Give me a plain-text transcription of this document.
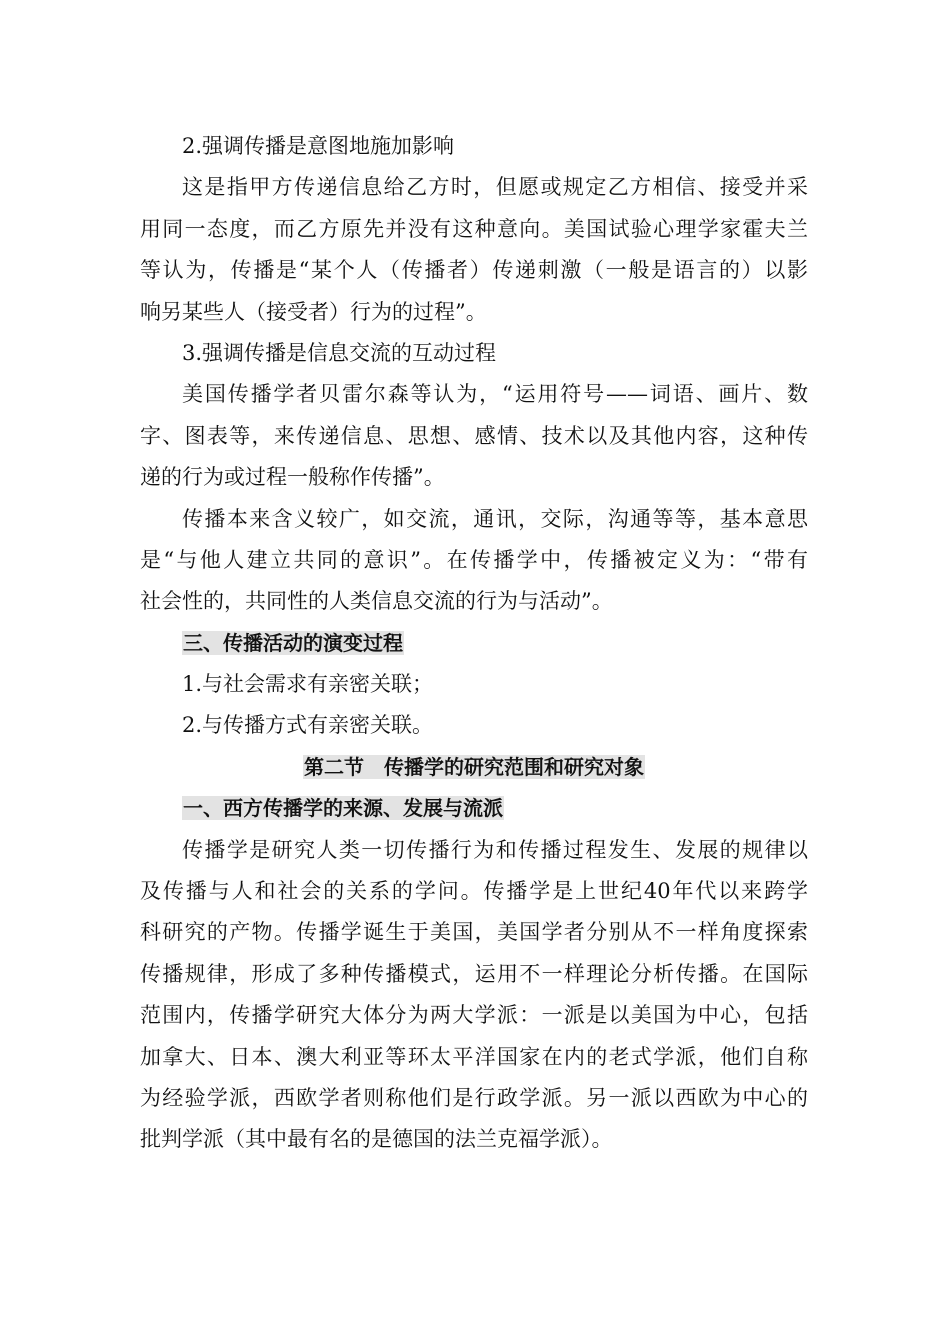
2.强调传播是意图地施加影响
这是指甲方传递信息给乙方时，但愿或规定乙方相信、接受并采
用同一态度，而乙方原先并没有这种意向。美国试验心理学家霍夫兰
等认为，传播是“某个人（传播者）传递刺激（一般是语言的）以影
响另某些人（接受者）行为的过程”。
3.强调传播是信息交流的互动过程
美国传播学者贝雷尔森等认为，“运用符号——词语、画片、数
字、图表等，来传递信息、思想、感情、技术以及其他内容，这种传
递的行为或过程一般称作传播”。
传播本来含义较广，如交流，通讯，交际，沟通等等，基本意思
是“与他人建立共同的意识”。在传播学中，传播被定义为：“带有
社会性的，共同性的人类信息交流的行为与活动”。
三、传播活动的演变过程
1.与社会需求有亲密关联；
2.与传播方式有亲密关联。
第二节　传播学的研究范围和研究对象
一、西方传播学的来源、发展与流派
传播学是研究人类一切传播行为和传播过程发生、发展的规律以
及传播与人和社会的关系的学问。传播学是上世纪40年代以来跨学
科研究的产物。传播学诞生于美国，美国学者分别从不一样角度探索
传播规律，形成了多种传播模式，运用不一样理论分析传播。在国际
范围内，传播学研究大体分为两大学派：一派是以美国为中心，包括
加拿大、日本、澳大利亚等环太平洋国家在内的老式学派，他们自称
为经验学派，西欧学者则称他们是行政学派。另一派以西欧为中心的
批判学派（其中最有名的是德国的法兰克福学派）。
